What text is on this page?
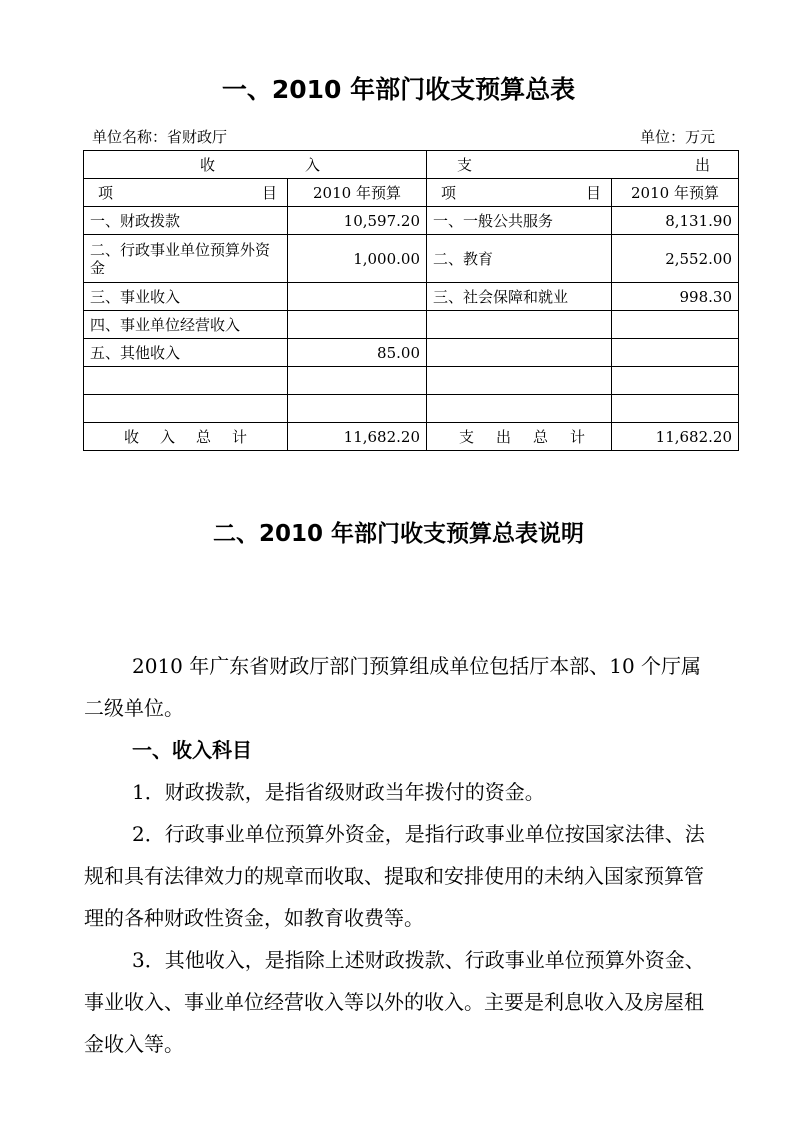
一、2010 年部门收支预算总表
单位名称：省财政厅	单位：万元
收 入		支 出	

项 目	2010 年预算	项 目	2010 年预算
一、财政拨款	10,597.20	一、一般公共服务	8,131.90
二、行政事业单位预算外资金	1,000.00	二、教育	2,552.00
三、事业收入		三、社会保障和就业	998.30
四、事业单位经营收入			
五、其他收入	85.00		

收 入 总 计	11,682.20	支 出 总 计	11,682.20
二、2010 年部门收支预算总表说明

2010 年广东省财政厅部门预算组成单位包括厅本部、10 个厅属二级单位。

一、收入科目

1．财政拨款，是指省级财政当年拨付的资金。

2．行政事业单位预算外资金，是指行政事业单位按国家法律、法规和具有法律效力的规章而收取、提取和安排使用的未纳入国家预算管理的各种财政性资金，如教育收费等。

3．其他收入，是指除上述财政拨款、行政事业单位预算外资金、事业收入、事业单位经营收入等以外的收入。主要是利息收入及房屋租金收入等。
